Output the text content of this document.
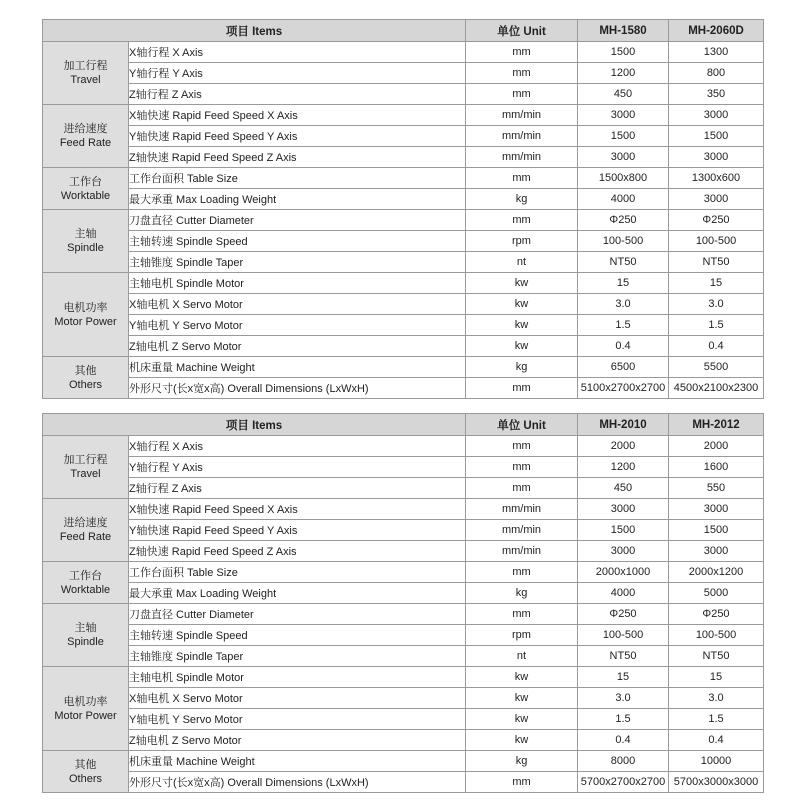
项目 Items		单位 Unit	MH-1580	MH-2060D

加工行程
Travel	X轴行程 X Axis	mm	1500	1300
	Y轴行程 Y Axis	mm	1200	800
	Z轴行程 Z Axis	mm	450	350

进给速度
Feed Rate	X轴快速 Rapid Feed Speed X Axis	mm/min	3000	3000
	Y轴快速 Rapid Feed Speed Y Axis	mm/min	1500	1500
	Z轴快速 Rapid Feed Speed Z Axis	mm/min	3000	3000

工作台
Worktable	工作台面积 Table Size	mm	1500x800	1300x600
	最大承重 Max Loading Weight	kg	4000	3000

主轴
Spindle	刀盘直径 Cutter Diameter	mm	Φ250	Φ250
	主轴转速 Spindle Speed	rpm	100-500	100-500
	主轴锥度 Spindle Taper	nt	NT50	NT50

电机功率
Motor Power	主轴电机 Spindle Motor	kw	15	15
	X轴电机 X Servo Motor	kw	3.0	3.0
	Y轴电机 Y Servo Motor	kw	1.5	1.5
	Z轴电机 Z Servo Motor	kw	0.4	0.4

其他
Others	机床重量 Machine Weight	kg	6500	5500
	外形尺寸(长x宽x高) Overall Dimensions (LxWxH)	mm	5100x2700x2700	4500x2100x2300
项目 Items		单位 Unit	MH-2010	MH-2012

加工行程
Travel	X轴行程 X Axis	mm	2000	2000
	Y轴行程 Y Axis	mm	1200	1600
	Z轴行程 Z Axis	mm	450	550

进给速度
Feed Rate	X轴快速 Rapid Feed Speed X Axis	mm/min	3000	3000
	Y轴快速 Rapid Feed Speed Y Axis	mm/min	1500	1500
	Z轴快速 Rapid Feed Speed Z Axis	mm/min	3000	3000

工作台
Worktable	工作台面积 Table Size	mm	2000x1000	2000x1200
	最大承重 Max Loading Weight	kg	4000	5000

主轴
Spindle	刀盘直径 Cutter Diameter	mm	Φ250	Φ250
	主轴转速 Spindle Speed	rpm	100-500	100-500
	主轴锥度 Spindle Taper	nt	NT50	NT50

电机功率
Motor Power	主轴电机 Spindle Motor	kw	15	15
	X轴电机 X Servo Motor	kw	3.0	3.0
	Y轴电机 Y Servo Motor	kw	1.5	1.5
	Z轴电机 Z Servo Motor	kw	0.4	0.4

其他
Others	机床重量 Machine Weight	kg	8000	10000
	外形尺寸(长x宽x高) Overall Dimensions (LxWxH)	mm	5700x2700x2700	5700x3000x3000
